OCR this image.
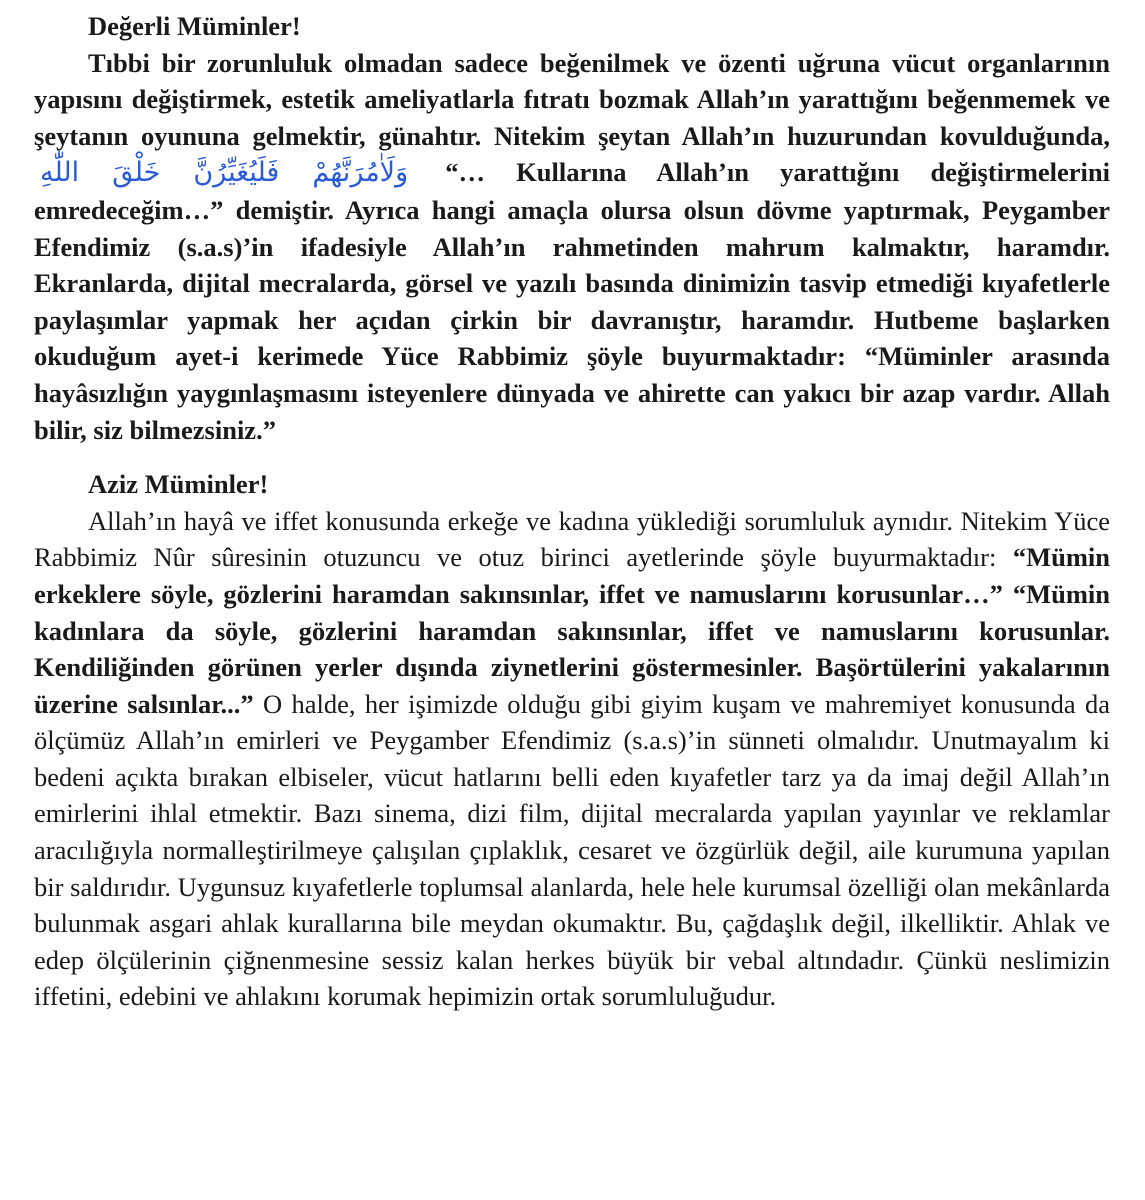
Değerli Müminler!

Tıbbi bir zorunluluk olmadan sadece beğenilmek ve özenti uğruna vücut organlarının yapısını değiştirmek, estetik ameliyatlarla fıtratı bozmak Allah’ın yarattığını beğenmemek ve şeytanın oyununa gelmektir, günahtır. Nitekim şeytan Allah’ın huzurundan kovulduğunda, وَلَاٰمُرَنَّهُمْ فَلَيُغَيِّرُنَّ خَلْقَ اللّٰهِ “… Kullarına Allah’ın yarattığını değiştirmelerini emredeceğim…” demiştir. Ayrıca hangi amaçla olursa olsun dövme yaptırmak, Peygamber Efendimiz (s.a.s)’in ifadesiyle Allah’ın rahmetinden mahrum kalmaktır, haramdır. Ekranlarda, dijital mecralarda, görsel ve yazılı basında dinimizin tasvip etmediği kıyafetlerle paylaşımlar yapmak her açıdan çirkin bir davranıştır, haramdır. Hutbeme başlarken okuduğum ayet-i kerimede Yüce Rabbimiz şöyle buyurmaktadır: “Müminler arasında hayâsızlığın yaygınlaşmasını isteyenlere dünyada ve ahirette can yakıcı bir azap vardır. Allah bilir, siz bilmezsiniz.”

Aziz Müminler!

Allah’ın hayâ ve iffet konusunda erkeğe ve kadına yüklediği sorumluluk aynıdır. Nitekim Yüce Rabbimiz Nûr sûresinin otuzuncu ve otuz birinci ayetlerinde şöyle buyurmaktadır: “Mümin erkeklere söyle, gözlerini haramdan sakınsınlar, iffet ve namuslarını korusunlar…” “Mümin kadınlara da söyle, gözlerini haramdan sakınsınlar, iffet ve namuslarını korusunlar. Kendiliğinden görünen yerler dışında ziynetlerini göstermesinler. Başörtülerini yakalarının üzerine salsınlar...” O halde, her işimizde olduğu gibi giyim kuşam ve mahremiyet konusunda da ölçümüz Allah’ın emirleri ve Peygamber Efendimiz (s.a.s)’in sünneti olmalıdır. Unutmayalım ki bedeni açıkta bırakan elbiseler, vücut hatlarını belli eden kıyafetler tarz ya da imaj değil Allah’ın emirlerini ihlal etmektir. Bazı sinema, dizi film, dijital mecralarda yapılan yayınlar ve reklamlar aracılığıyla normalleştirilmeye çalışılan çıplaklık, cesaret ve özgürlük değil, aile kurumuna yapılan bir saldırıdır. Uygunsuz kıyafetlerle toplumsal alanlarda, hele hele kurumsal özelliği olan mekânlarda bulunmak asgari ahlak kurallarına bile meydan okumaktır. Bu, çağdaşlık değil, ilkelliktir. Ahlak ve edep ölçülerinin çiğnenmesine sessiz kalan herkes büyük bir vebal altındadır. Çünkü neslimizin iffetini, edebini ve ahlakını korumak hepimizin ortak sorumluluğudur.
